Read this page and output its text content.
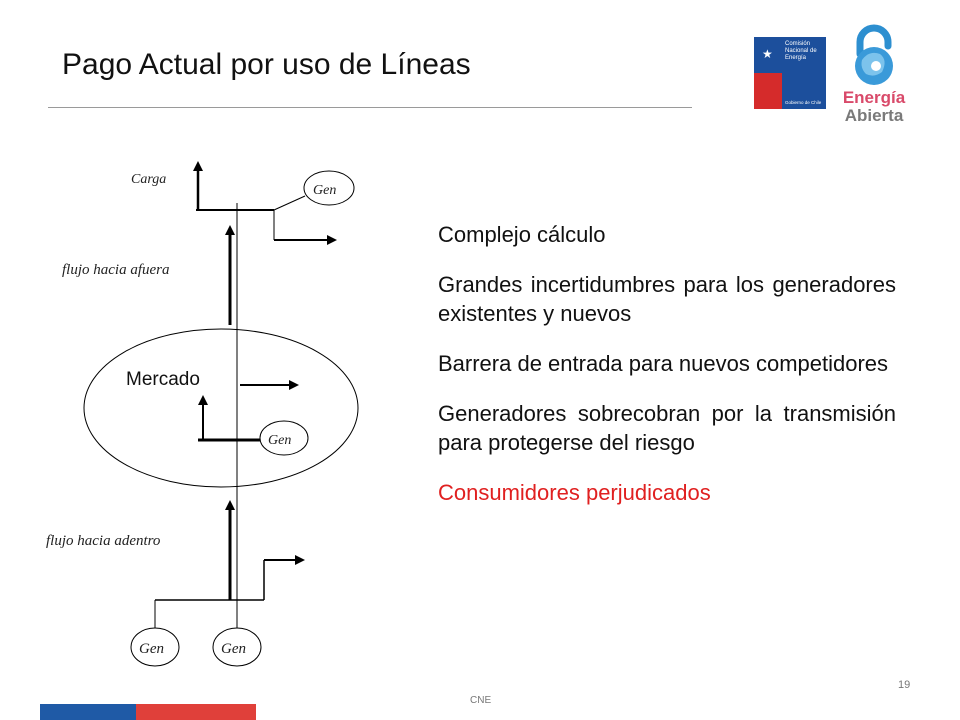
Pago Actual por uso de Líneas	★
Comisión
Nacional de
Energía
Gobierno de Chile	Energía
Abierta
Carga
Gen
flujo hacia afuera
Mercado
Gen
flujo hacia adentro
Gen	Gen

Complejo cálculo

Grandes incertidumbres para los generadores existentes y nuevos

Barrera de entrada para nuevos competidores

Generadores sobrecobran por la transmisión para protegerse del riesgo

Consumidores perjudicados

CNE
19
